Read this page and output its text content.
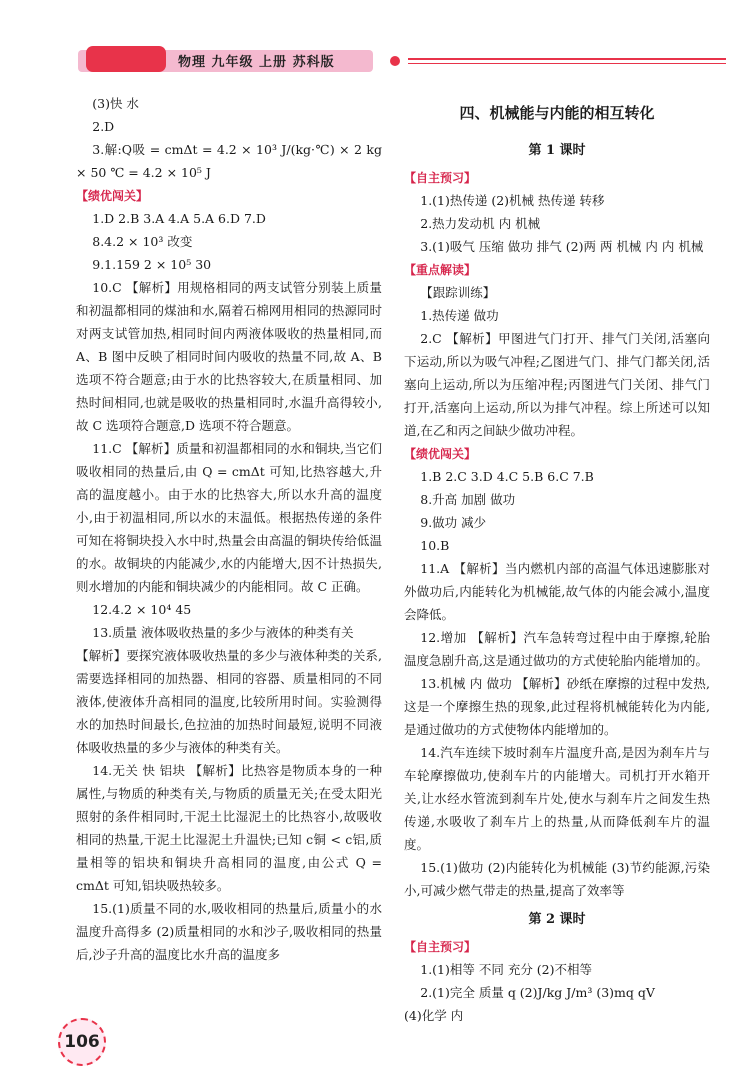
物理 九年级 上册 苏科版

(3)快 水

2.D

3.解:Q吸 = cmΔt = 4.2 × 10³ J/(kg·℃) × 2 kg × 50 ℃ = 4.2 × 10⁵ J

【绩优闯关】

1.D 2.B 3.A 4.A 5.A 6.D 7.D

8.4.2 × 10³ 改变

9.1.159 2 × 10⁵ 30

10.C 【解析】用规格相同的两支试管分别装上质量和初温都相同的煤油和水,隔着石棉网用相同的热源同时对两支试管加热,相同时间内两液体吸收的热量相同,而 A、B 图中反映了相同时间内吸收的热量不同,故 A、B 选项不符合题意;由于水的比热容较大,在质量相同、加热时间相同,也就是吸收的热量相同时,水温升高得较小,故 C 选项符合题意,D 选项不符合题意。

11.C 【解析】质量和初温都相同的水和铜块,当它们吸收相同的热量后,由 Q = cmΔt 可知,比热容越大,升高的温度越小。由于水的比热容大,所以水升高的温度小,由于初温相同,所以水的末温低。根据热传递的条件可知在将铜块投入水中时,热量会由高温的铜块传给低温的水。故铜块的内能减少,水的内能增大,因不计热损失,则水增加的内能和铜块减少的内能相同。故 C 正确。

12.4.2 × 10⁴ 45

13.质量 液体吸收热量的多少与液体的种类有关

【解析】要探究液体吸收热量的多少与液体种类的关系,需要选择相同的加热器、相同的容器、质量相同的不同液体,使液体升高相同的温度,比较所用时间。实验测得水的加热时间最长,色拉油的加热时间最短,说明不同液体吸收热量的多少与液体的种类有关。

14.无关 快 铝块 【解析】比热容是物质本身的一种属性,与物质的种类有关,与物质的质量无关;在受太阳光照射的条件相同时,干泥土比湿泥土的比热容小,故吸收相同的热量,干泥土比湿泥土升温快;已知 c铜 < c铝,质量相等的铝块和铜块升高相同的温度,由公式 Q = cmΔt 可知,铝块吸热较多。

15.(1)质量不同的水,吸收相同的热量后,质量小的水温度升高得多 (2)质量相同的水和沙子,吸收相同的热量后,沙子升高的温度比水升高的温度多

四、机械能与内能的相互转化
第 1 课时
【自主预习】

1.(1)热传递 (2)机械 热传递 转移

2.热力发动机 内 机械

3.(1)吸气 压缩 做功 排气 (2)两 两 机械 内 内 机械

【重点解读】

【跟踪训练】

1.热传递 做功

2.C 【解析】甲图进气门打开、排气门关闭,活塞向下运动,所以为吸气冲程;乙图进气门、排气门都关闭,活塞向上运动,所以为压缩冲程;丙图进气门关闭、排气门打开,活塞向上运动,所以为排气冲程。综上所述可以知道,在乙和丙之间缺少做功冲程。

【绩优闯关】

1.B 2.C 3.D 4.C 5.B 6.C 7.B

8.升高 加剧 做功

9.做功 减少

10.B

11.A 【解析】当内燃机内部的高温气体迅速膨胀对外做功后,内能转化为机械能,故气体的内能会减小,温度会降低。

12.增加 【解析】汽车急转弯过程中由于摩擦,轮胎温度急剧升高,这是通过做功的方式使轮胎内能增加的。

13.机械 内 做功 【解析】砂纸在摩擦的过程中发热,这是一个摩擦生热的现象,此过程将机械能转化为内能,是通过做功的方式使物体内能增加的。

14.汽车连续下坡时刹车片温度升高,是因为刹车片与车轮摩擦做功,使刹车片的内能增大。司机打开水箱开关,让水经水管流到刹车片处,使水与刹车片之间发生热传递,水吸收了刹车片上的热量,从而降低刹车片的温度。

15.(1)做功 (2)内能转化为机械能 (3)节约能源,污染小,可减少燃气带走的热量,提高了效率等

第 2 课时
【自主预习】

1.(1)相等 不同 充分 (2)不相等

2.(1)完全 质量 q (2)J/kg J/m³ (3)mq qV

(4)化学 内

106
